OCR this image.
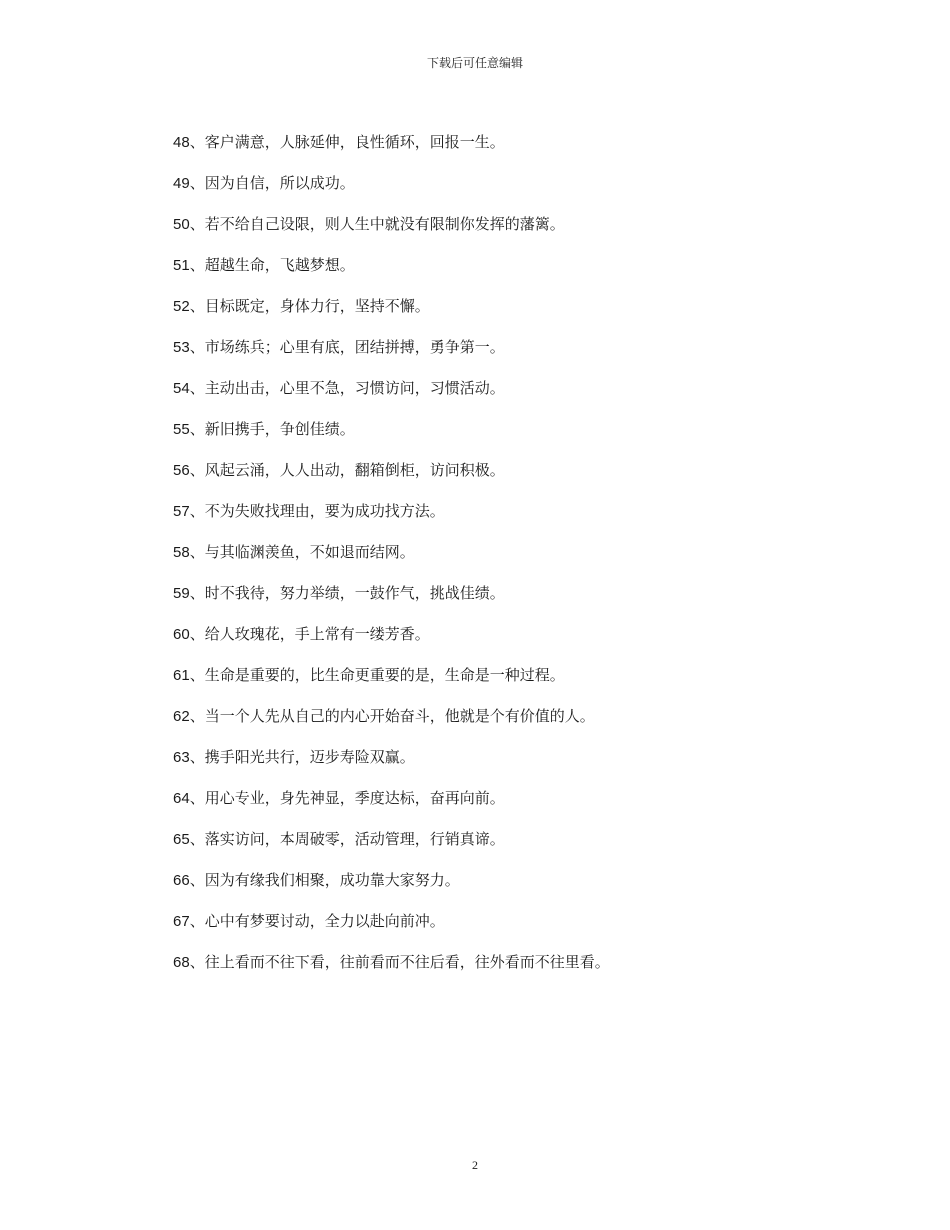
下载后可任意编辑
48、客户满意，人脉延伸，良性循环，回报一生。
49、因为自信，所以成功。
50、若不给自己设限，则人生中就没有限制你发挥的藩篱。
51、超越生命，飞越梦想。
52、目标既定，身体力行，坚持不懈。
53、市场练兵；心里有底，团结拼搏，勇争第一。
54、主动出击，心里不急，习惯访问，习惯活动。
55、新旧携手，争创佳绩。
56、风起云涌，人人出动，翻箱倒柜，访问积极。
57、不为失败找理由，要为成功找方法。
58、与其临渊羡鱼，不如退而结网。
59、时不我待，努力举绩，一鼓作气，挑战佳绩。
60、给人玫瑰花，手上常有一缕芳香。
61、生命是重要的，比生命更重要的是，生命是一种过程。
62、当一个人先从自己的内心开始奋斗，他就是个有价值的人。
63、携手阳光共行，迈步寿险双赢。
64、用心专业，身先神显，季度达标，奋再向前。
65、落实访问，本周破零，活动管理，行销真谛。
66、因为有缘我们相聚，成功靠大家努力。
67、心中有梦要讨动，全力以赴向前冲。
68、往上看而不往下看，往前看而不往后看，往外看而不往里看。
2
